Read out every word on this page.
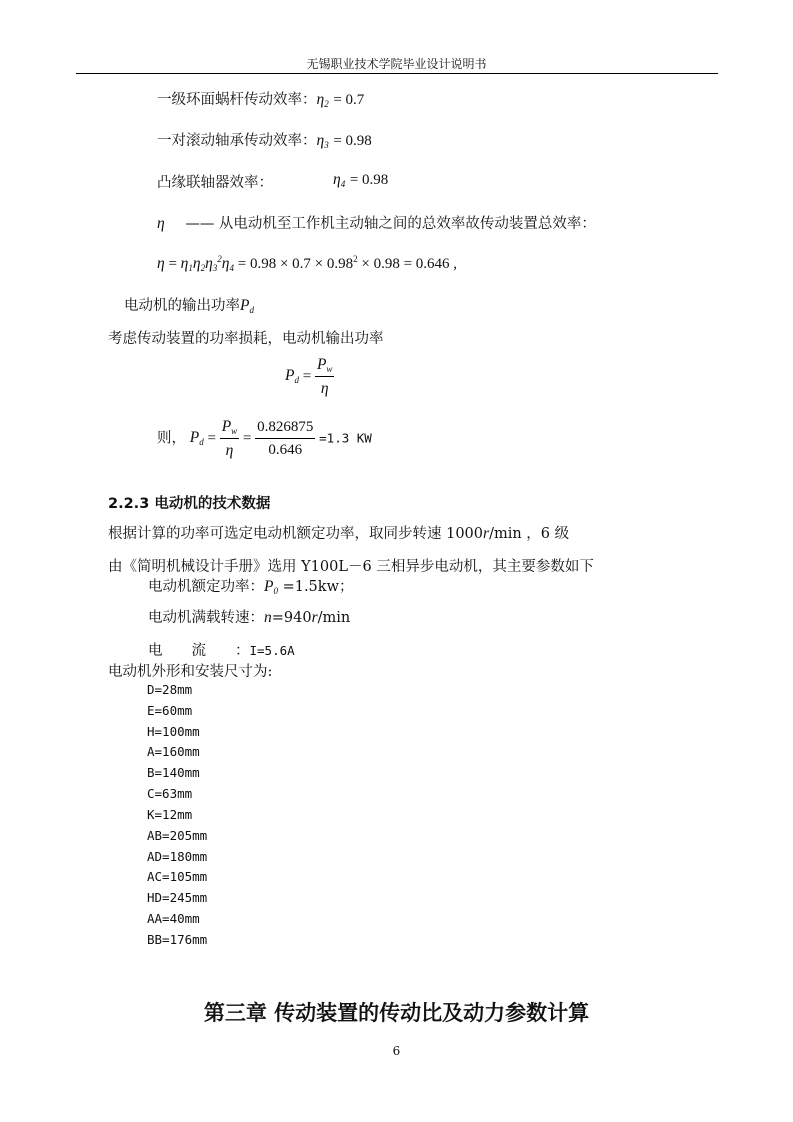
无锡职业技术学院毕业设计说明书
一级环面蜗杆传动效率：$\eta_2 = 0.7$
一对滚动轴承传动效率：$\eta_3 = 0.98$
凸缘联轴器效率：	$\eta_4 = 0.98$
η —— 从电动机至工作机主动轴之间的总效率故传动装置总效率：
$\eta = \eta_1\eta_2\eta_3^2\eta_4 = 0.98 \times 0.7 \times 0.98^2 \times 0.98 = 0.646$ ,
电动机的输出功率$P_d$
考虑传动装置的功率损耗，电动机输出功率
$P_d = \frac{P_w}{\eta}$
则， $P_d = \frac{P_w}{\eta} = \frac{0.826875}{0.646} =1.3$ KW
2.2.3 电动机的技术数据
根据计算的功率可选定电动机额定功率，取同步转速 1000r/min ，6 级
由《简明机械设计手册》选用 Y100L－6 三相异步电动机，其主要参数如下
电动机额定功率：$P_0 =1.5kw$；
电动机满载转速：n=940r/min
电　　流　　：I=5.6A
电动机外形和安装尺寸为:
D=28mm
E=60mm
H=100mm
A=160mm
B=140mm
C=63mm
K=12mm
AB=205mm
AD=180mm
AC=105mm
HD=245mm
AA=40mm
BB=176mm
第三章 传动装置的传动比及动力参数计算
6
